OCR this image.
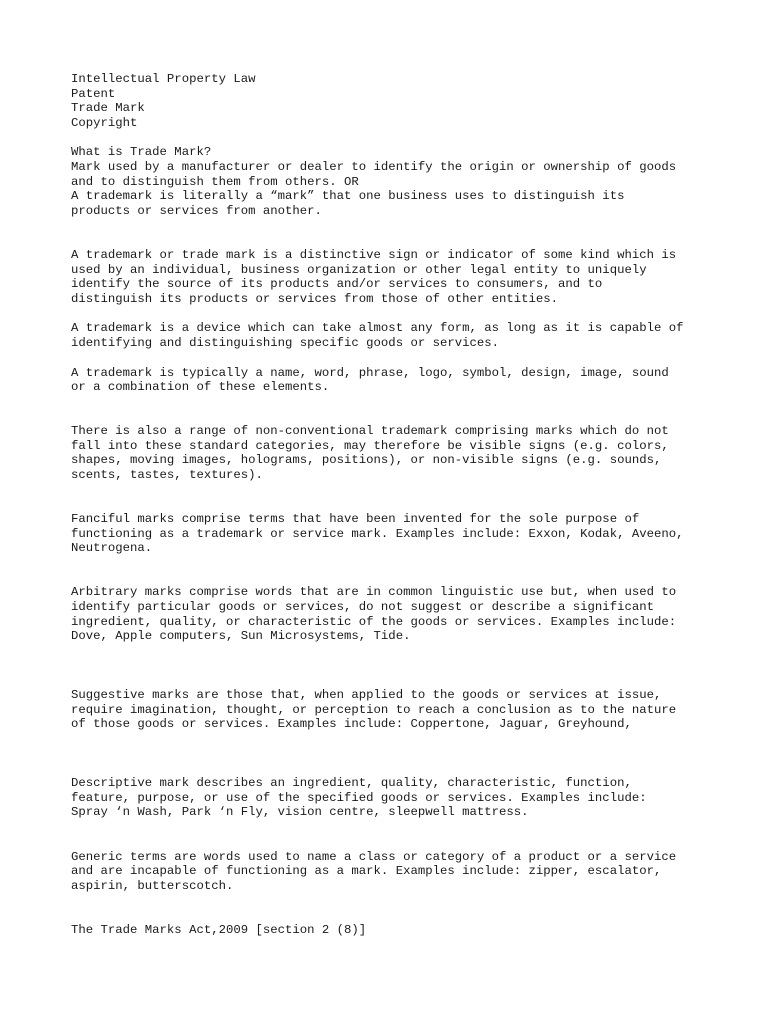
Intellectual Property Law

Patent

Trade Mark

Copyright

What is Trade Mark?

Mark used by a manufacturer or dealer to identify the origin or ownership of goods

and to distinguish them from others. OR

A trademark is literally a “mark” that one business uses to distinguish its

products or services from another.

A trademark or trade mark is a distinctive sign or indicator of some kind which is

used by an individual, business organization or other legal entity to uniquely

identify the source of its products and/or services to consumers, and to

distinguish its products or services from those of other entities.

A trademark is a device which can take almost any form, as long as it is capable of

identifying and distinguishing specific goods or services.

A trademark is typically a name, word, phrase, logo, symbol, design, image, sound

or a combination of these elements.

There is also a range of non-conventional trademark comprising marks which do not

fall into these standard categories, may therefore be visible signs (e.g. colors,

shapes, moving images, holograms, positions), or non-visible signs (e.g. sounds,

scents, tastes, textures).

Fanciful marks comprise terms that have been invented for the sole purpose of

functioning as a trademark or service mark. Examples include: Exxon, Kodak, Aveeno,

Neutrogena.

Arbitrary marks comprise words that are in common linguistic use but, when used to

identify particular goods or services, do not suggest or describe a significant

ingredient, quality, or characteristic of the goods or services. Examples include:

Dove, Apple computers, Sun Microsystems, Tide.

Suggestive marks are those that, when applied to the goods or services at issue,

require imagination, thought, or perception to reach a conclusion as to the nature

of those goods or services. Examples include: Coppertone, Jaguar, Greyhound,

Descriptive mark describes an ingredient, quality, characteristic, function,

feature, purpose, or use of the specified goods or services. Examples include:

Spray ‘n Wash, Park ‘n Fly, vision centre, sleepwell mattress.

Generic terms are words used to name a class or category of a product or a service

and are incapable of functioning as a mark. Examples include: zipper, escalator,

aspirin, butterscotch.

The Trade Marks Act,2009 [section 2 (8)]
